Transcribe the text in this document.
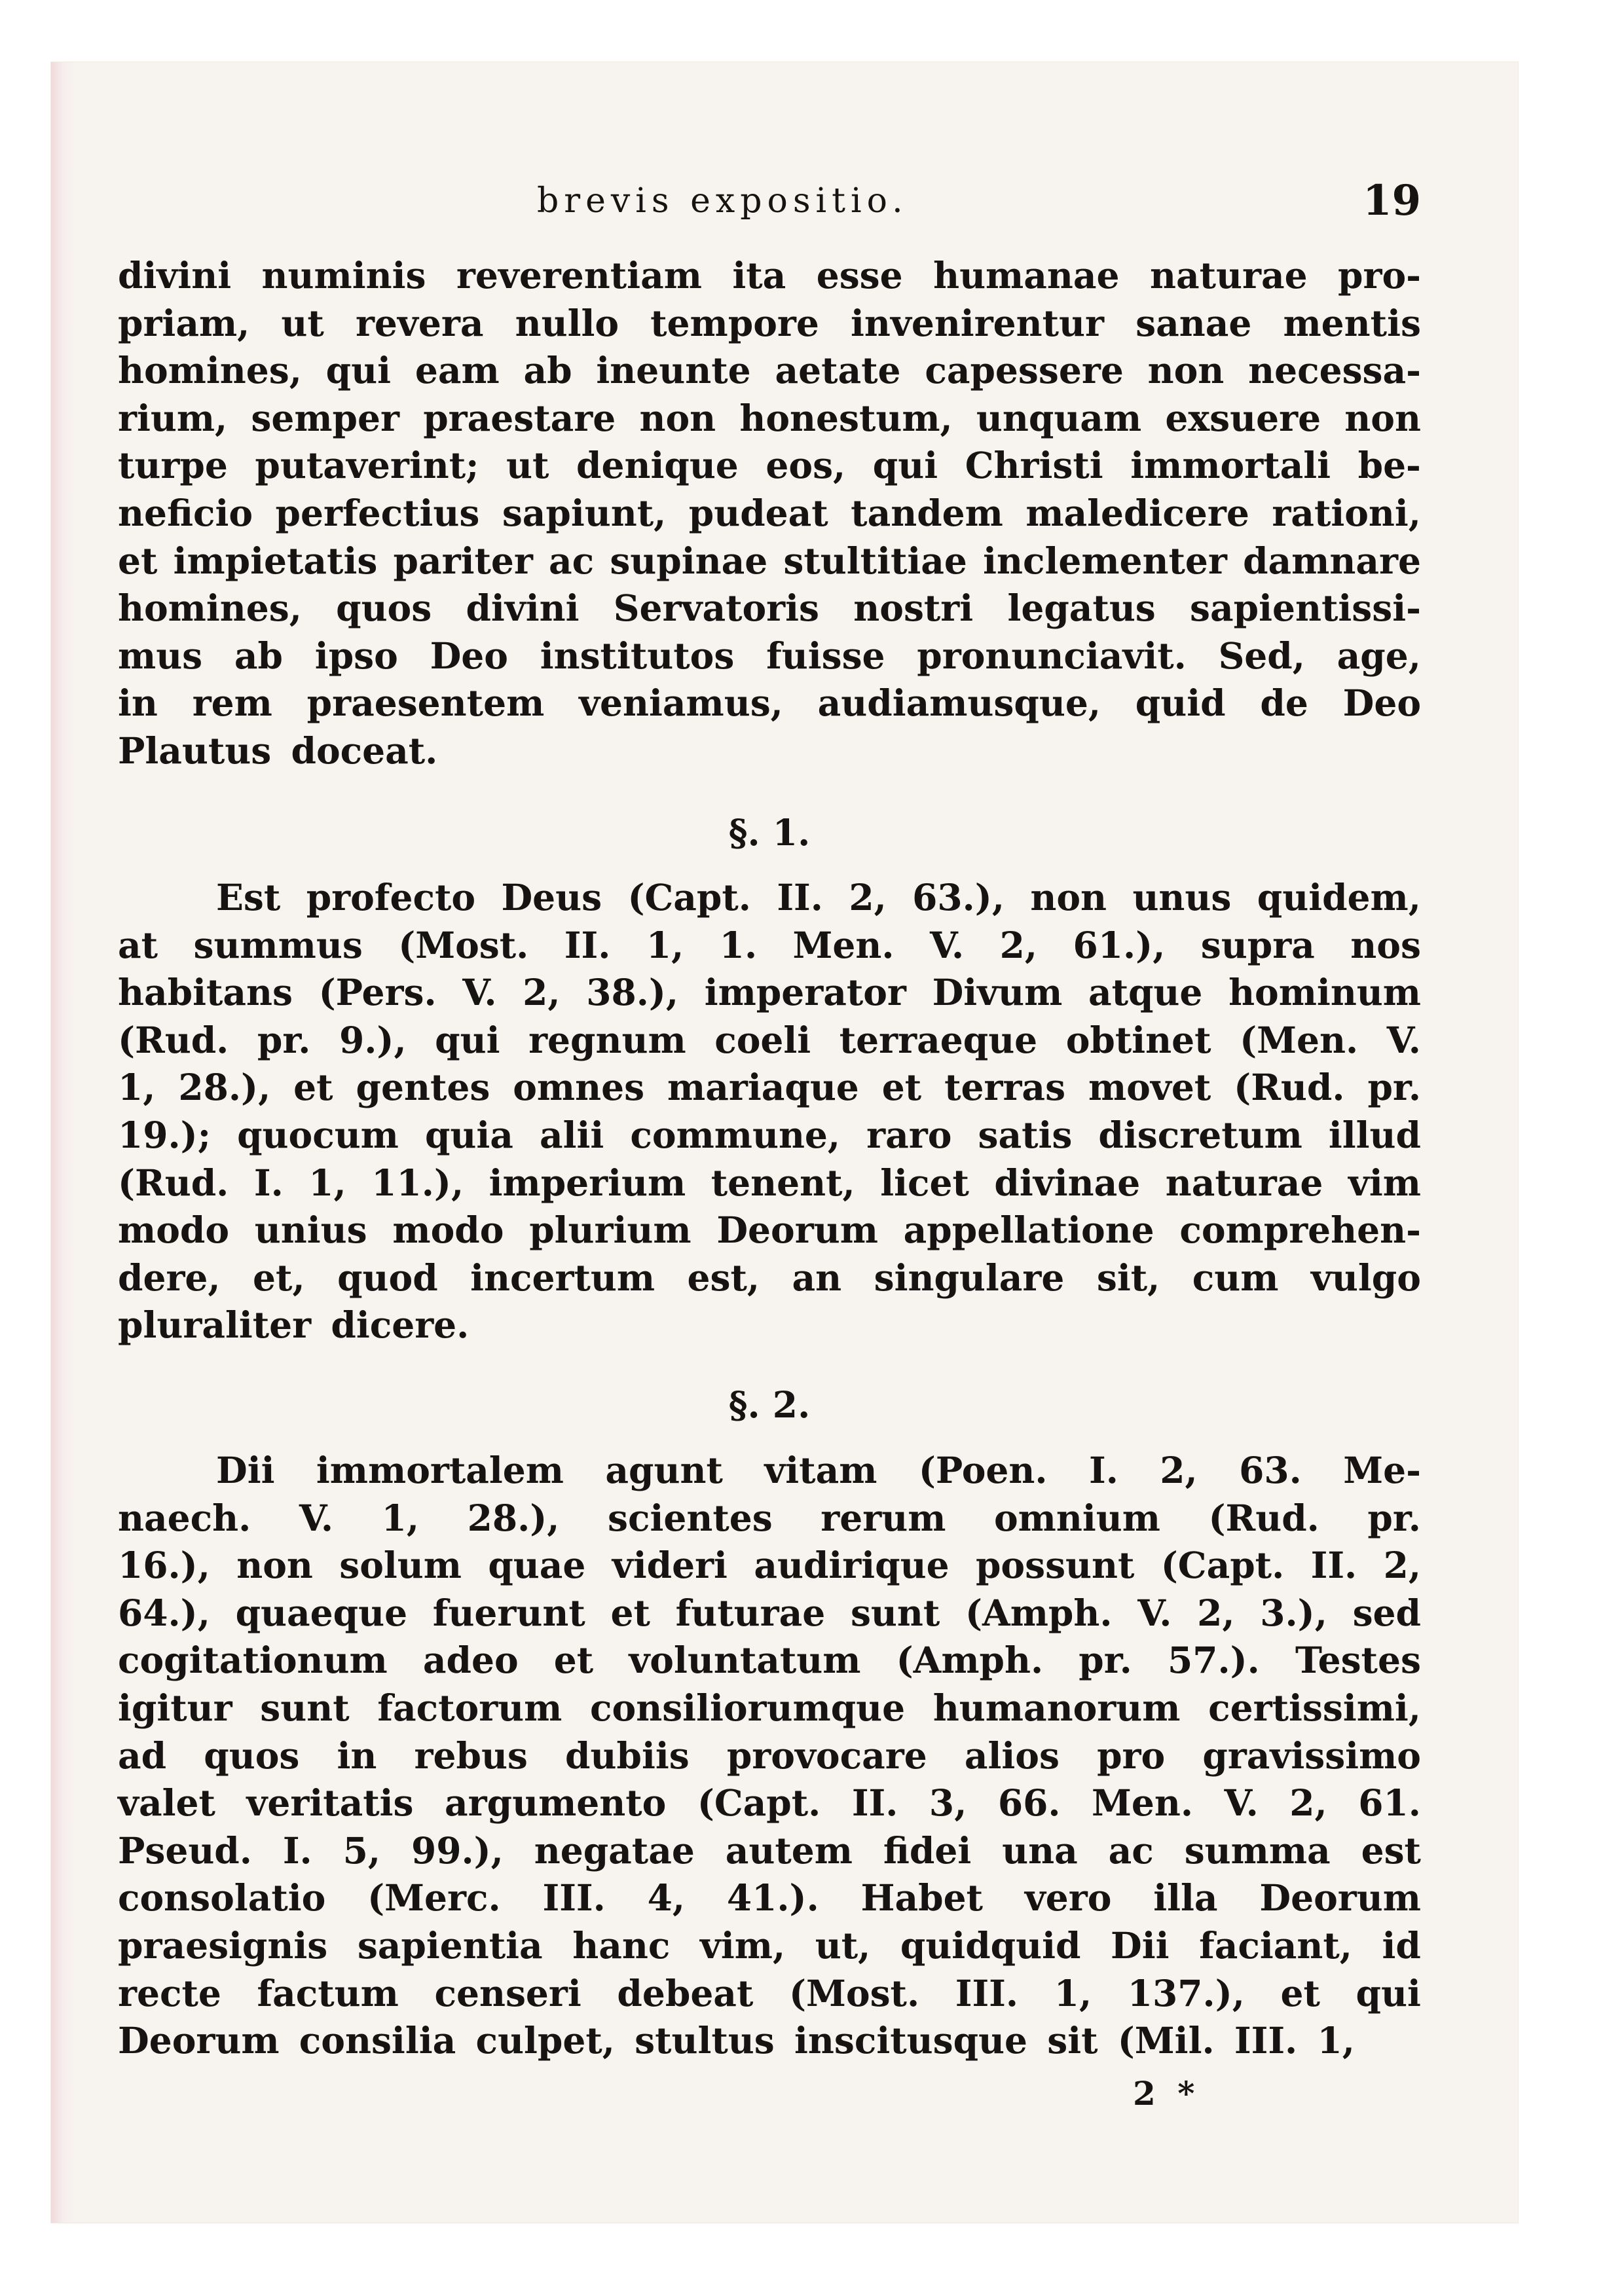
brevis expositio.	19
divini numinis reverentiam ita esse humanae naturae pro-
priam, ut revera nullo tempore invenirentur sanae mentis
homines, qui eam ab ineunte aetate capessere non necessa-
rium, semper praestare non honestum, unquam exsuere non
turpe putaverint; ut denique eos, qui Christi immortali be-
neficio perfectius sapiunt, pudeat tandem maledicere rationi,
et impietatis pariter ac supinae stultitiae inclementer damnare
homines, quos divini Servatoris nostri legatus sapientissi-
mus ab ipso Deo institutos fuisse pronunciavit. Sed, age,
in rem praesentem veniamus, audiamusque, quid de Deo
Plautus doceat.
§. 1.
Est profecto Deus (Capt. II. 2, 63.), non unus quidem,
at summus (Most. II. 1, 1. Men. V. 2, 61.), supra nos
habitans (Pers. V. 2, 38.), imperator Divum atque hominum
(Rud. pr. 9.), qui regnum coeli terraeque obtinet (Men. V.
1, 28.), et gentes omnes mariaque et terras movet (Rud. pr.
19.); quocum quia alii commune, raro satis discretum illud
(Rud. I. 1, 11.), imperium tenent, licet divinae naturae vim
modo unius modo plurium Deorum appellatione comprehen-
dere, et, quod incertum est, an singulare sit, cum vulgo
pluraliter dicere.
§. 2.
Dii immortalem agunt vitam (Poen. I. 2, 63. Me-
naech. V. 1, 28.), scientes rerum omnium (Rud. pr.
16.), non solum quae videri audirique possunt (Capt. II. 2,
64.), quaeque fuerunt et futurae sunt (Amph. V. 2, 3.), sed
cogitationum adeo et voluntatum (Amph. pr. 57.). Testes
igitur sunt factorum consiliorumque humanorum certissimi,
ad quos in rebus dubiis provocare alios pro gravissimo
valet veritatis argumento (Capt. II. 3, 66. Men. V. 2, 61.
Pseud. I. 5, 99.), negatae autem fidei una ac summa est
consolatio (Merc. III. 4, 41.). Habet vero illa Deorum
praesignis sapientia hanc vim, ut, quidquid Dii faciant, id
recte factum censeri debeat (Most. III. 1, 137.), et qui
Deorum consilia culpet, stultus inscitusque sit (Mil. III. 1,
2 *
